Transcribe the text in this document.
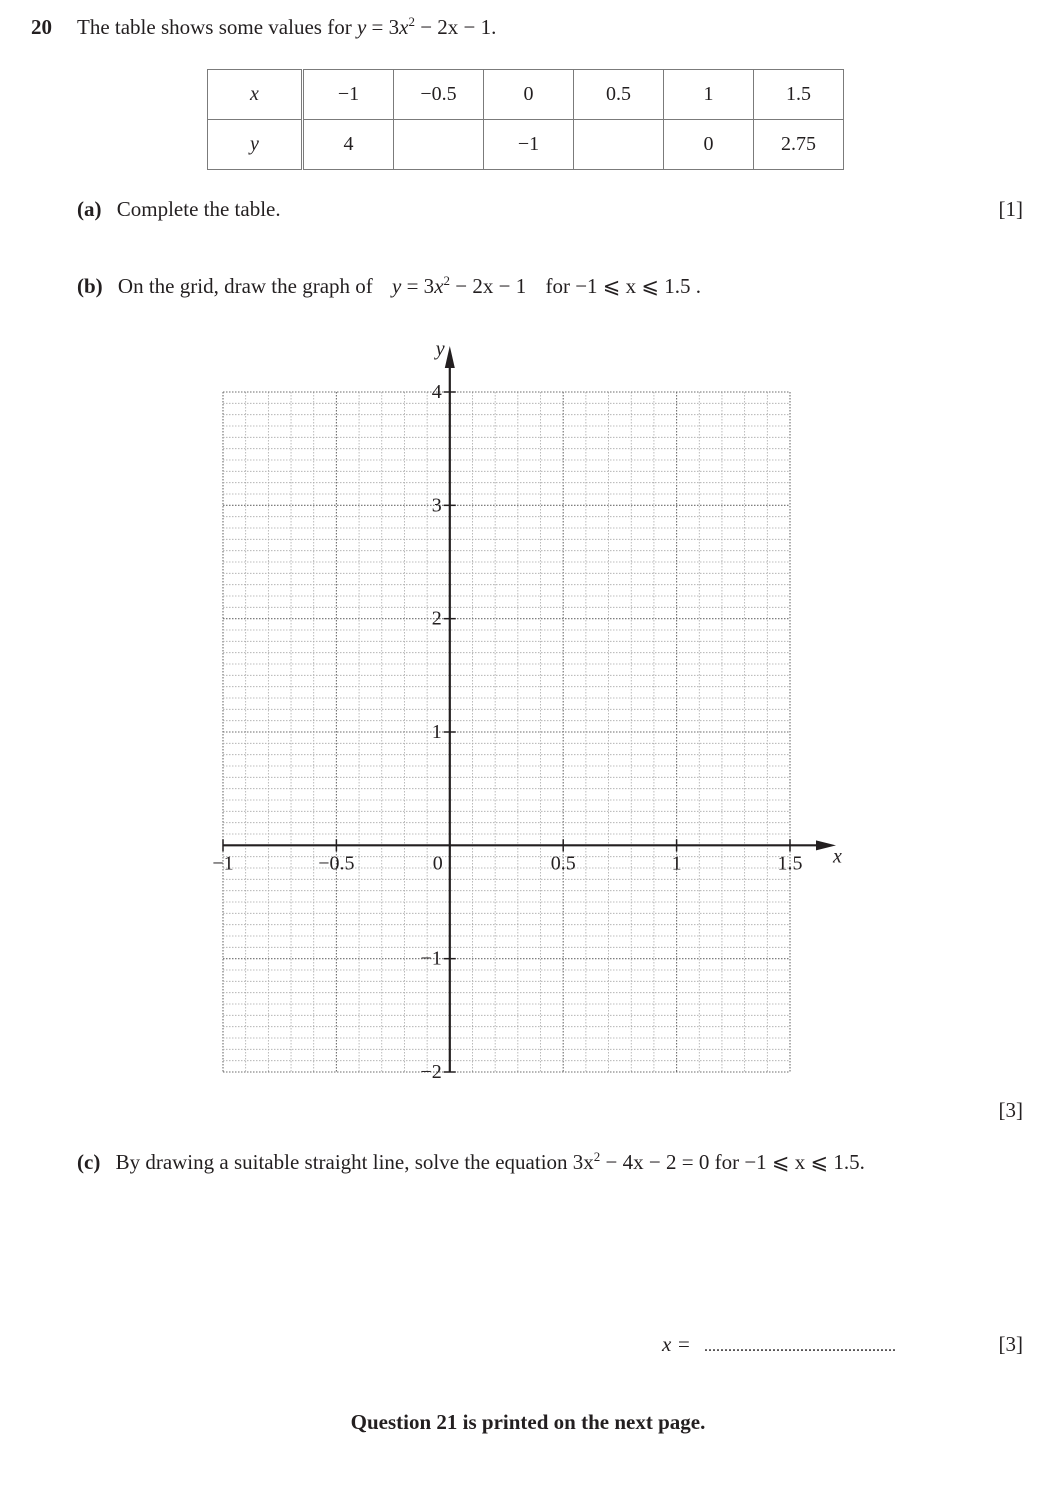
20 The table shows some values for $y = 3x^2 - 2x - 1$.
x	−1	−0.5	0	0.5	1	1.5
y	4		−1		0	2.75
(a) Complete the table.	[1]
(b) On the grid, draw the graph of $y = 3x^2 - 2x - 1$ for −1 ⩽ x ⩽ 1.5 .
4
3
2
1
−1
−2
−1	−0.5	0	0.5	1	1.5 x
y
[3]
(c) By drawing a suitable straight line, solve the equation $3x^2 - 4x - 2 = 0$ for −1 ⩽ x ⩽ 1.5.
x = ................................................	[3]
Question 21 is printed on the next page.
